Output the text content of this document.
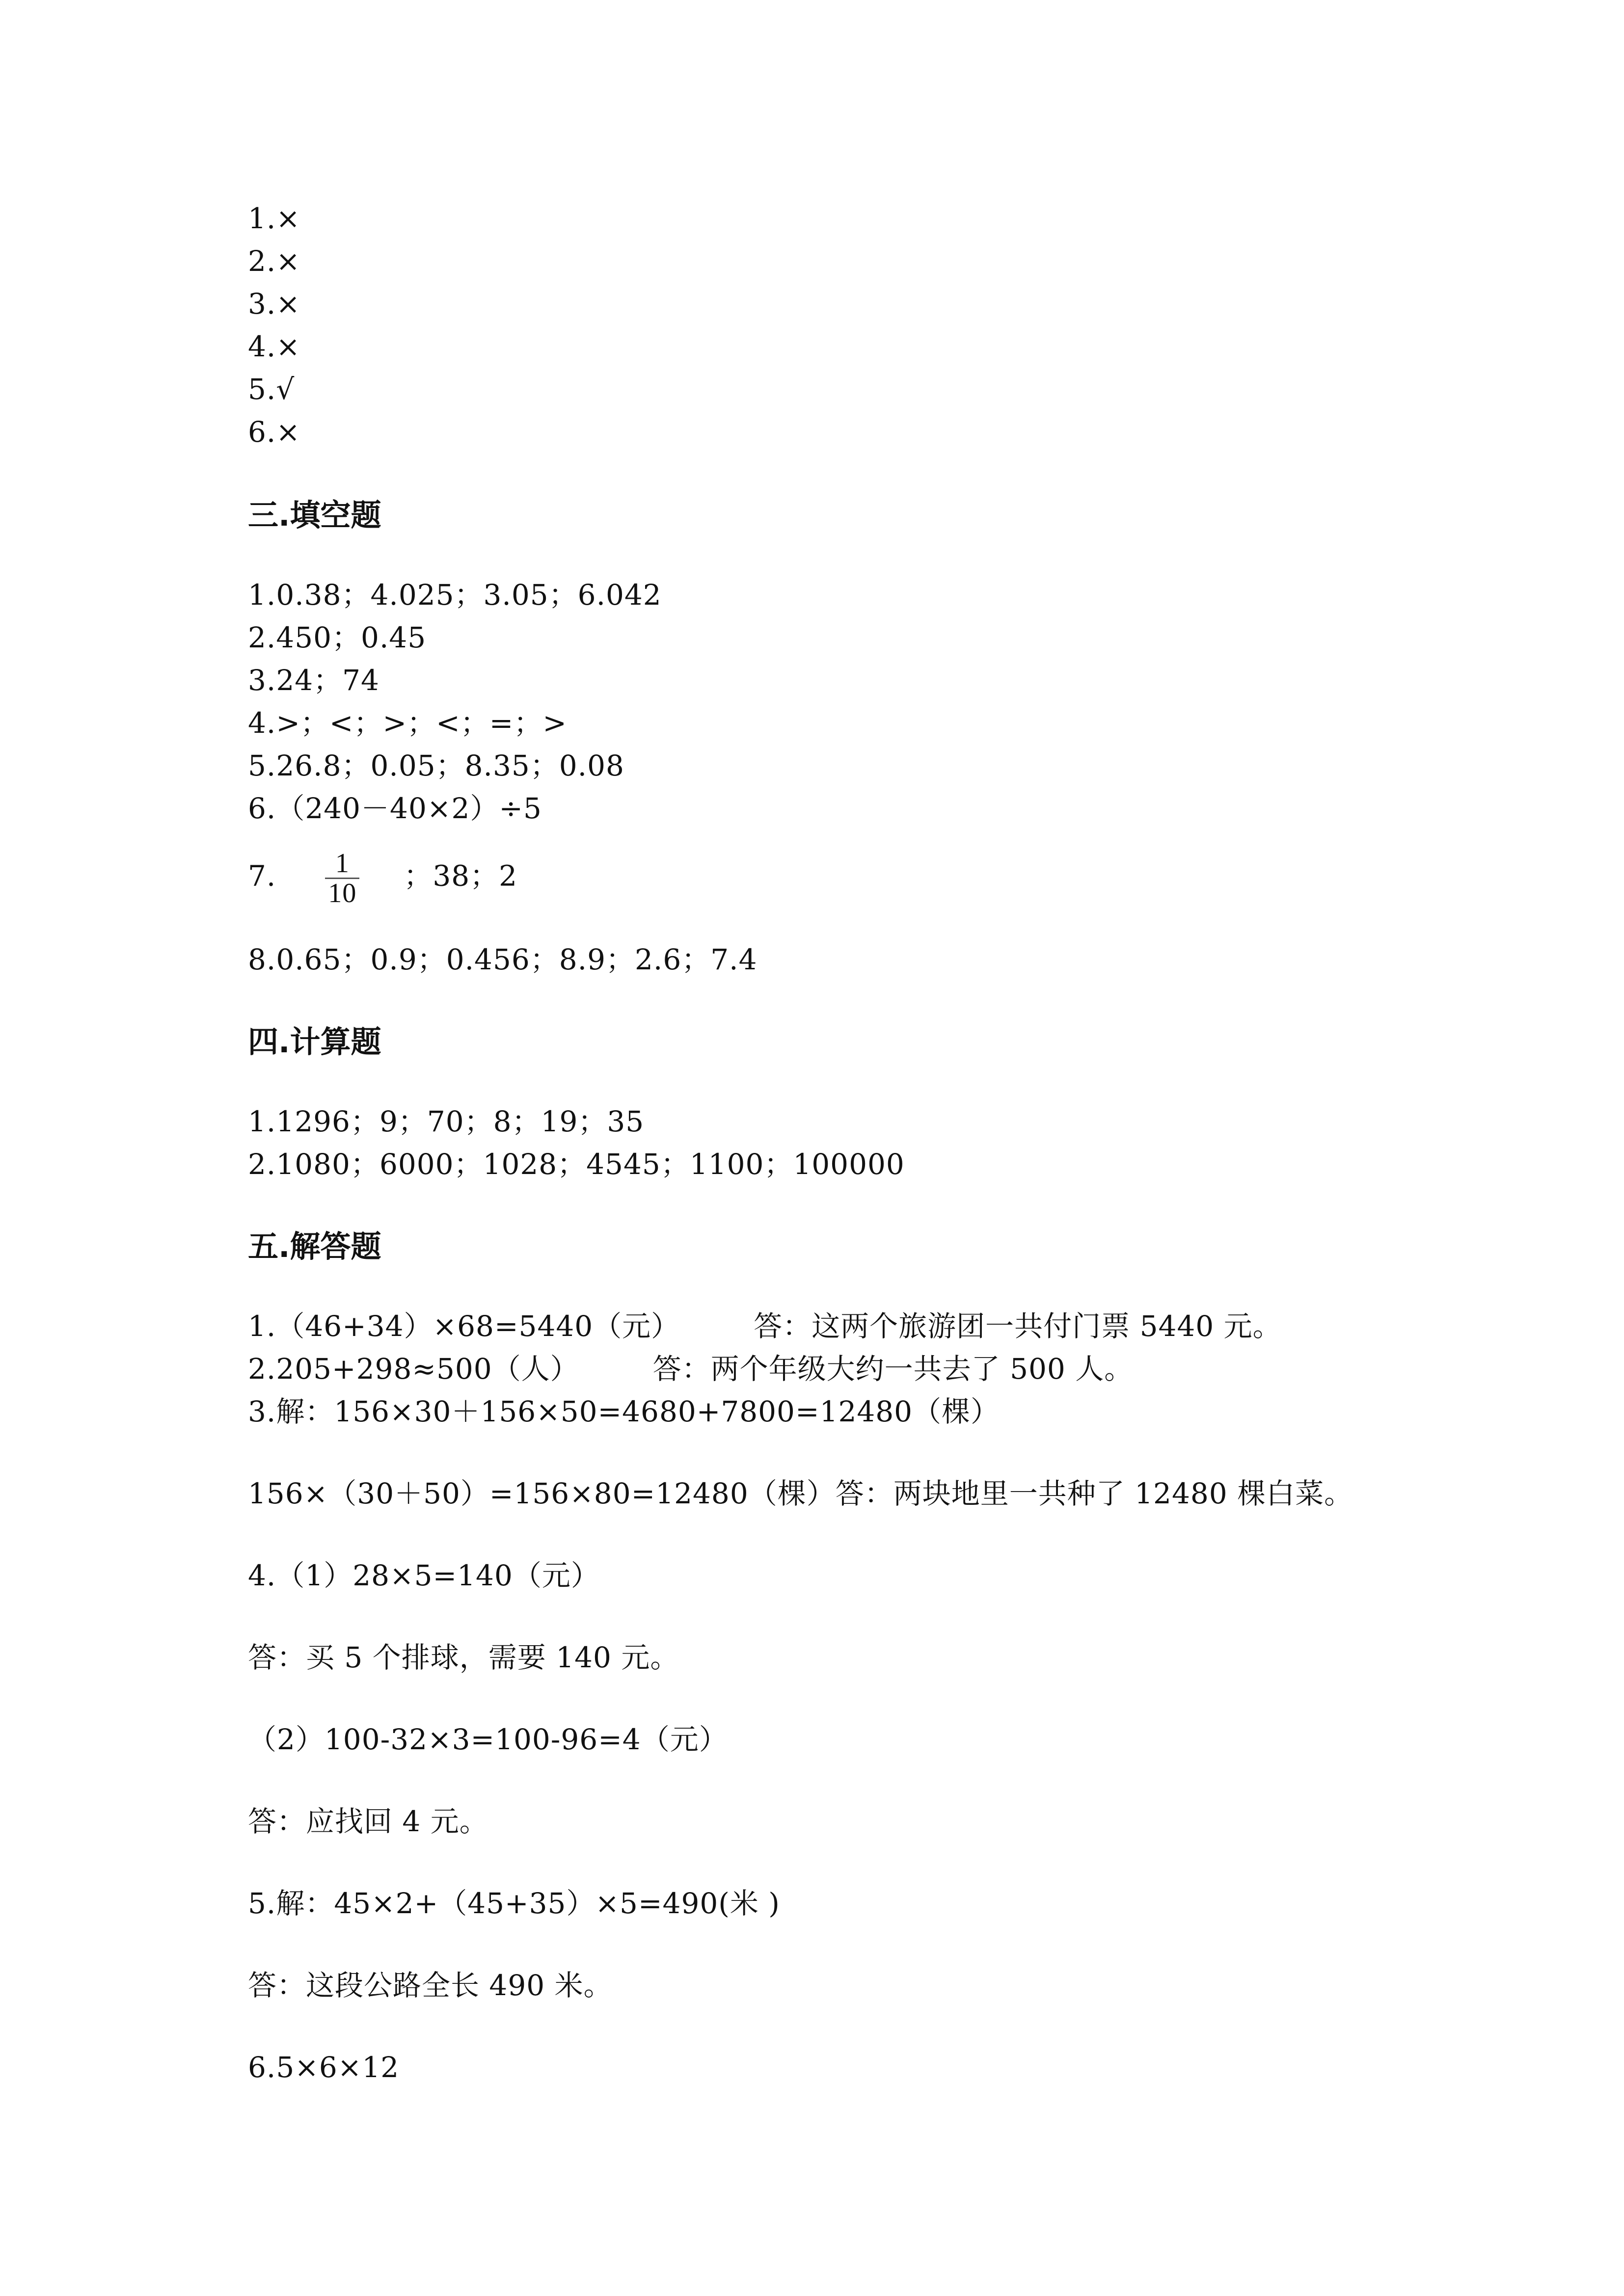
1.×
2.×
3.×
4.×
5.√
6.×
三.填空题
1.0.38；4.025；3.05；6.042
2.450；0.45
3.24；74
4.>；<；>；<；=；>
5.26.8；0.05；8.35；0.08
6.（240－40×2）÷5
7. $\frac{1}{10}$ ；38；2
8.0.65；0.9；0.456；8.9；2.6；7.4
四.计算题
1.1296；9；70；8；19；35
2.1080；6000；1028；4545；1100；100000
五.解答题
1.（46+34）×68=5440（元）	答：这两个旅游团一共付门票 5440 元。
2.205+298≈500（人）	答：两个年级大约一共去了 500 人。
3.解：156×30＋156×50=4680+7800=12480（棵）
156×（30＋50）=156×80=12480（棵）答：两块地里一共种了 12480 棵白菜。
4.（1）28×5=140（元）
答：买 5 个排球，需要 140 元。
（2）100-32×3=100-96=4（元）
答：应找回 4 元。
5.解：45×2+（45+35）×5=490(米 )
答：这段公路全长 490 米。
6.5×6×12
